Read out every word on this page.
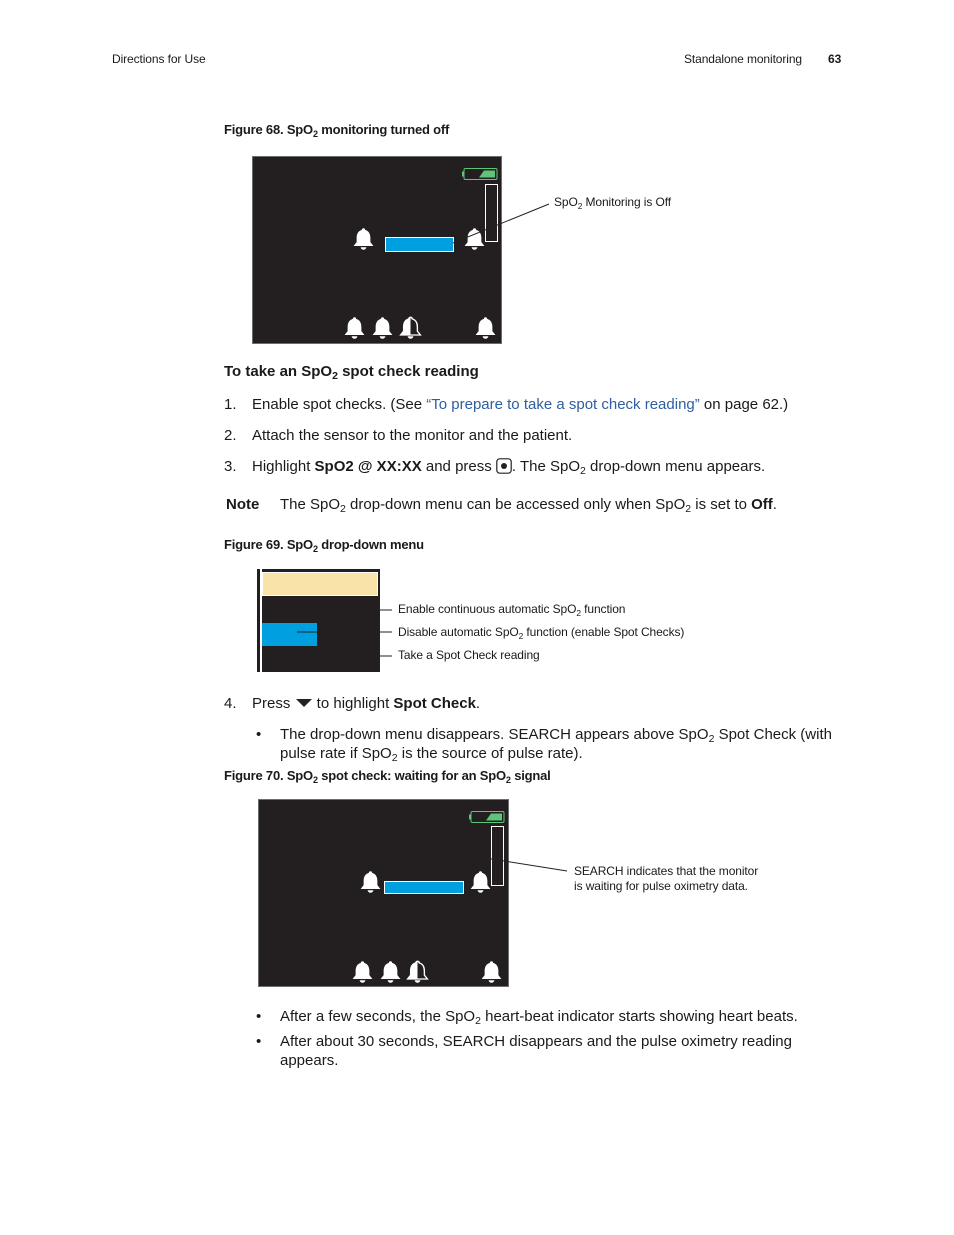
Directions for Use	Standalone monitoring 63
Figure 68. SpO$_2$ monitoring turned off
SpO$_2$ Monitoring is Off
To take an SpO$_2$ spot check reading
1. Enable spot checks. (See “To prepare to take a spot check reading” on page 62.)
2. Attach the sensor to the monitor and the patient.
3. Highlight SpO2 @ XX:XX and press . The SpO$_2$ drop-down menu appears.
Note The SpO$_2$ drop-down menu can be accessed only when SpO$_2$ is set to Off.
Figure 69. SpO$_2$ drop-down menu
Enable continuous automatic SpO$_2$ function
Disable automatic SpO$_2$ function (enable Spot Checks)
Take a Spot Check reading
4. Press  to highlight Spot Check.
• The drop-down menu disappears. SEARCH appears above SpO$_2$ Spot Check (with
pulse rate if SpO$_2$ is the source of pulse rate).
Figure 70. SpO$_2$ spot check: waiting for an SpO$_2$ signal
SEARCH indicates that the monitor
is waiting for pulse oximetry data.
• After a few seconds, the SpO$_2$ heart-beat indicator starts showing heart beats.
• After about 30 seconds, SEARCH disappears and the pulse oximetry reading
appears.
